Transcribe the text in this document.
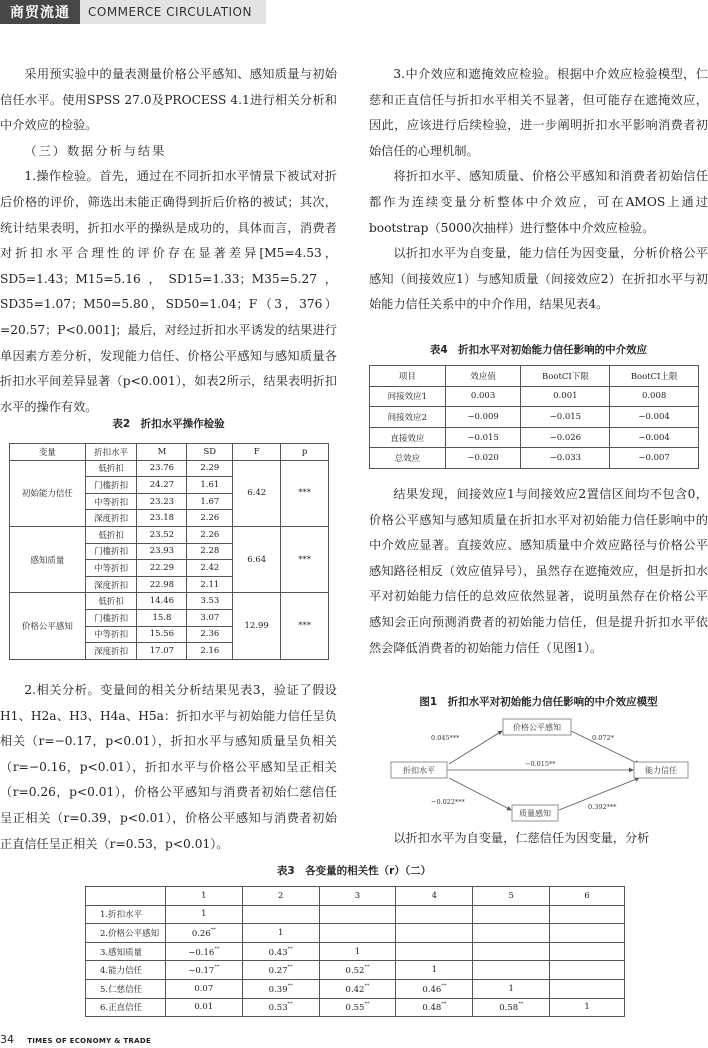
商贸流通	COMMERCE CIRCULATION

采用预实验中的量表测量价格公平感知、感知质量与初始信任水平。使用SPSS 27.0及PROCESS 4.1进行相关分析和中介效应的检验。

（三）数据分析与结果

1.操作检验。首先，通过在不同折扣水平情景下被试对折后价格的评价，筛选出未能正确得到折后价格的被试；其次，统计结果表明，折扣水平的操纵是成功的，具体而言，消费者对折扣水平合理性的评价存在显著差异[M5=4.53，SD5=1.43；M15=5.16，SD15=1.33；M35=5.27，SD35=1.07；M50=5.80，SD50=1.04；F（3，376）=20.57；P<0.001]；最后，对经过折扣水平诱发的结果进行单因素方差分析，发现能力信任、价格公平感知与感知质量各折扣水平间差异显著（p<0.001），如表2所示，结果表明折扣水平的操作有效。

表2　折扣水平操作检验
变量	折扣水平	M	SD	F	p
初始能力信任	低折扣	23.76	2.29	6.42	***
	门槛折扣	24.27	1.61		
	中等折扣	23.23	1.67		
	深度折扣	23.18	2.26		
感知质量	低折扣	23.52	2.26	6.64	***
	门槛折扣	23.93	2.28		
	中等折扣	22.29	2.42		
	深度折扣	22.98	2.11		
价格公平感知	低折扣	14.46	3.53	12.99	***
	门槛折扣	15.8	3.07		
	中等折扣	15.56	2.36		
	深度折扣	17.07	2.16		

2.相关分析。变量间的相关分析结果见表3，验证了假设H1、H2a、H3、H4a、H5a：折扣水平与初始能力信任呈负相关（r=−0.17，p<0.01），折扣水平与感知质量呈负相关（r=−0.16，p<0.01），折扣水平与价格公平感知呈正相关（r=0.26，p<0.01），价格公平感知与消费者初始仁慈信任呈正相关（r=0.39，p<0.01），价格公平感知与消费者初始正直信任呈正相关（r=0.53，p<0.01）。

3.中介效应和遮掩效应检验。根据中介效应检验模型，仁慈和正直信任与折扣水平相关不显著，但可能存在遮掩效应，因此，应该进行后续检验，进一步阐明折扣水平影响消费者初始信任的心理机制。

将折扣水平、感知质量、价格公平感知和消费者初始信任都作为连续变量分析整体中介效应，可在AMOS上通过bootstrap（5000次抽样）进行整体中介效应检验。

以折扣水平为自变量，能力信任为因变量，分析价格公平感知（间接效应1）与感知质量（间接效应2）在折扣水平与初始能力信任关系中的中介作用，结果见表4。

表4　折扣水平对初始能力信任影响的中介效应
项目	效应值	BootCI下限	BootCI上限
间接效应1	0.003	0.001	0.008
间接效应2	−0.009	−0.015	−0.004
直接效应	−0.015	−0.026	−0.004
总效应	−0.020	−0.033	−0.007

结果发现，间接效应1与间接效应2置信区间均不包含0，价格公平感知与感知质量在折扣水平对初始能力信任影响中的中介效应显著。直接效应、感知质量中介效应路径与价格公平感知路径相反（效应值异号），虽然存在遮掩效应，但是折扣水平对初始能力信任的总效应依然显著，说明虽然存在价格公平感知会正向预测消费者的初始能力信任，但是提升折扣水平依然会降低消费者的初始能力信任（见图1）。

图1　折扣水平对初始能力信任影响的中介效应模型
价格公平感知
折扣水平	能力信任
质量感知
0.045***	0.072*
−0.015**
−0.022***
0.392***

以折扣水平为自变量，仁慈信任为因变量，分析

表3　各变量的相关性（r）（二）
	1	2	3	4	5	6
1.折扣水平	1					
2.价格公平感知	0.26**	1				
3.感知质量	−0.16**	0.43**	1			
4.能力信任	−0.17**	0.27**	0.52**	1		
5.仁慈信任	0.07	0.39**	0.42**	0.46**	1	
6.正直信任	0.01	0.53**	0.55**	0.48**	0.58**	1
34 TIMES OF ECONOMY & TRADE
